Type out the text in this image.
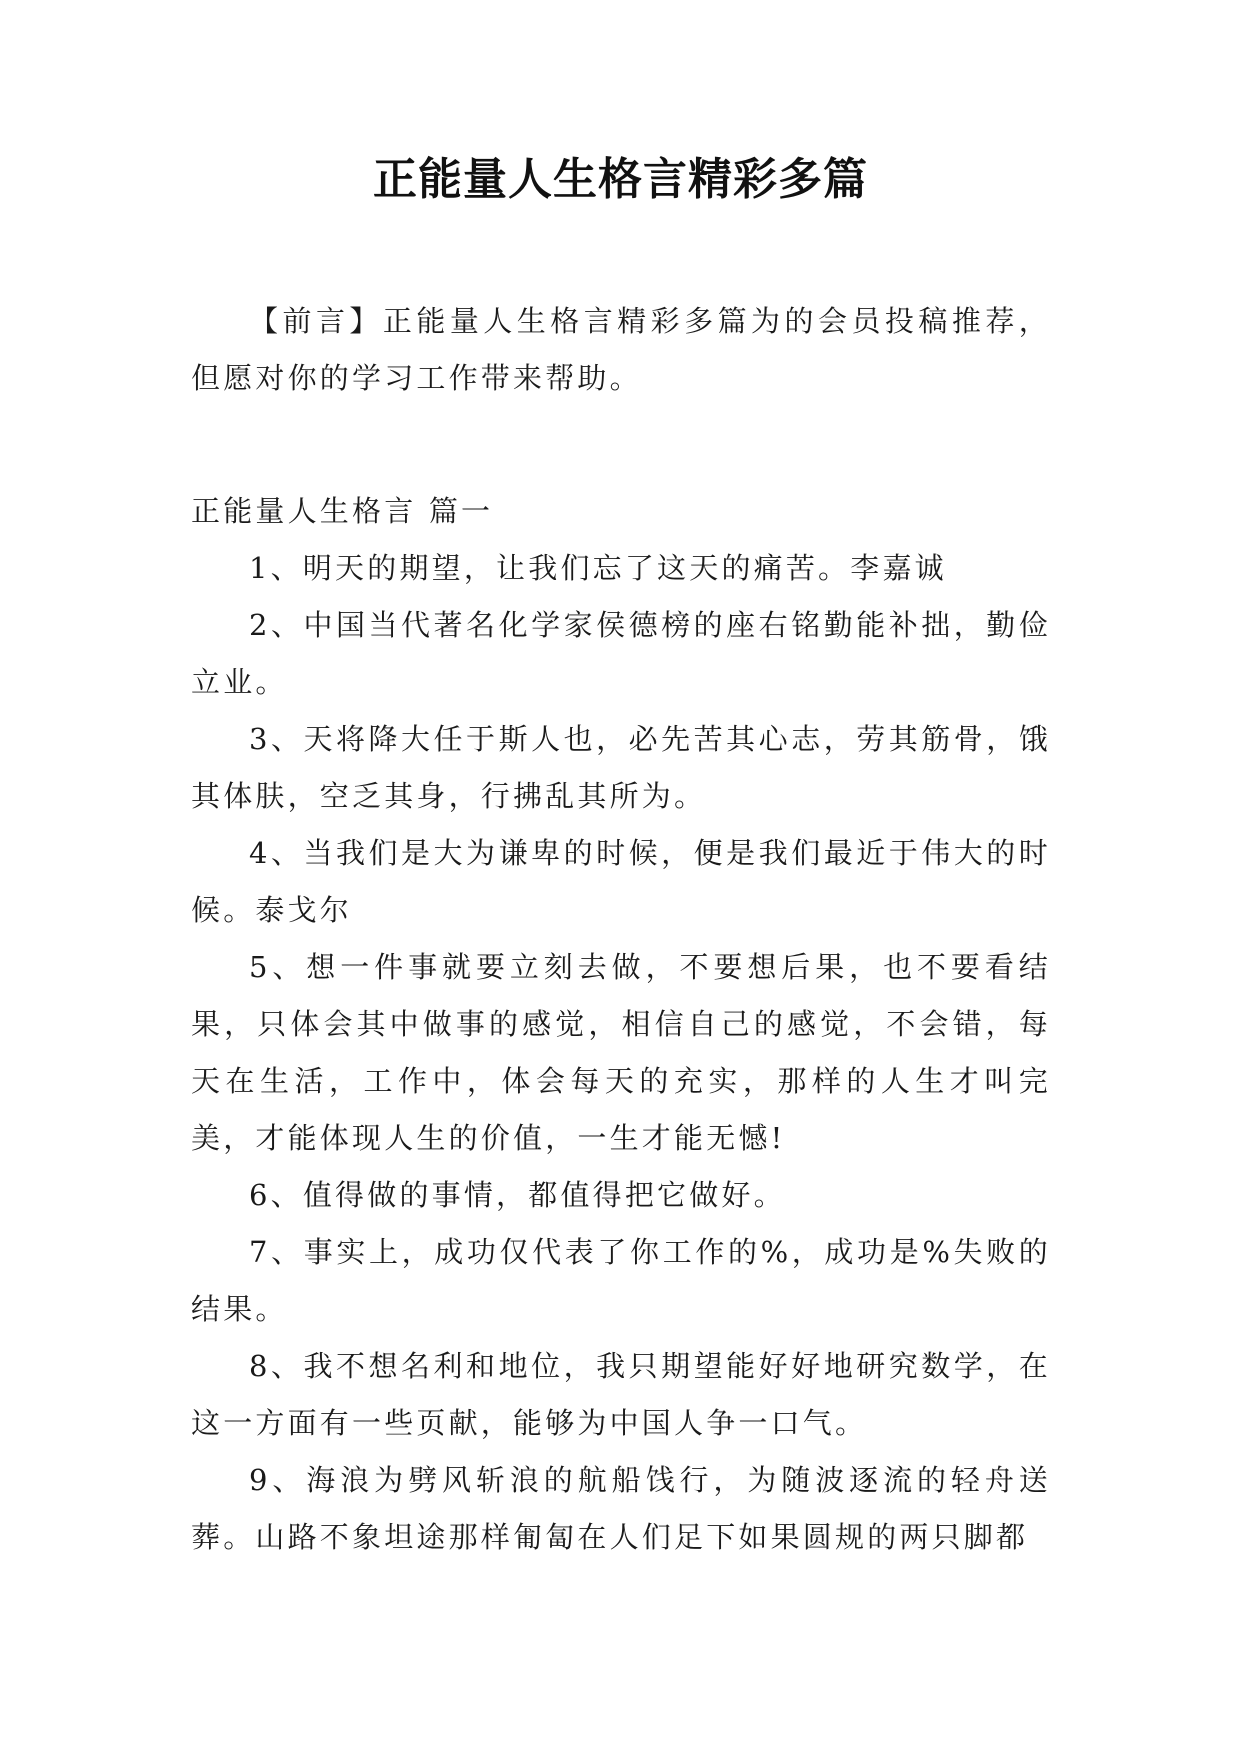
正能量人生格言精彩多篇

【前言】正能量人生格言精彩多篇为的会员投稿推荐，但愿对你的学习工作带来帮助。

正能量人生格言 篇一

1、明天的期望，让我们忘了这天的痛苦。李嘉诚

2、中国当代著名化学家侯德榜的座右铭勤能补拙，勤俭立业。

3、天将降大任于斯人也，必先苦其心志，劳其筋骨，饿其体肤，空乏其身，行拂乱其所为。

4、当我们是大为谦卑的时候，便是我们最近于伟大的时候。泰戈尔

5、想一件事就要立刻去做，不要想后果，也不要看结果，只体会其中做事的感觉，相信自己的感觉，不会错，每天在生活，工作中，体会每天的充实，那样的人生才叫完美，才能体现人生的价值，一生才能无憾!

6、值得做的事情，都值得把它做好。

7、事实上，成功仅代表了你工作的%，成功是%失败的结果。

8、我不想名利和地位，我只期望能好好地研究数学，在这一方面有一些页献，能够为中国人争一口气。

9、海浪为劈风斩浪的航船饯行，为随波逐流的轻舟送葬。山路不象坦途那样匍匐在人们足下如果圆规的两只脚都
